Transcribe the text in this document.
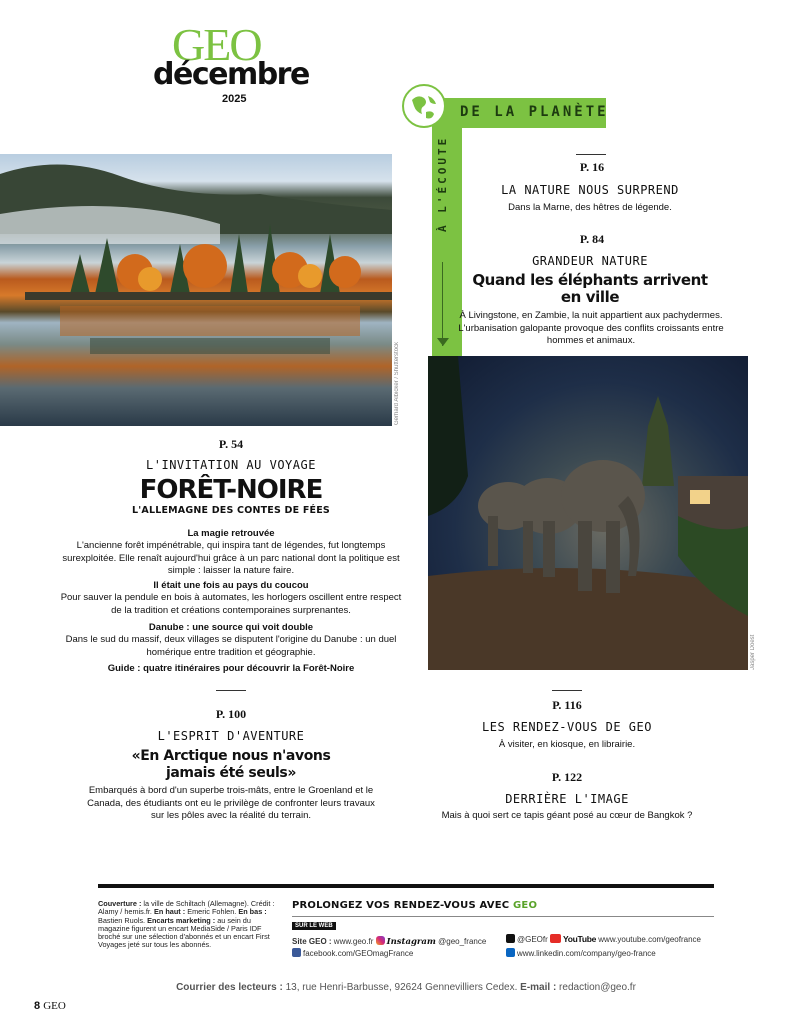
GEO
décembre
2025
DE LA PLANÈTE
À L'ÉCOUTE
Gerhard Albicker / Shutterstock
Jasper Doest
P. 16
LA NATURE NOUS SURPREND
Dans la Marne, des hêtres de légende.
P. 84
GRANDEUR NATURE
Quand les éléphants arrivent en ville
À Livingstone, en Zambie, la nuit appartient aux pachydermes. L'urbanisation galopante provoque des conflits croissants entre hommes et animaux.
P. 54
L'INVITATION AU VOYAGE
FORÊT-NOIRE
L'ALLEMAGNE DES CONTES DE FÉES
La magie retrouvée
L'ancienne forêt impénétrable, qui inspira tant de légendes, fut longtemps surexploitée. Elle renaît aujourd'hui grâce à un parc national dont la politique est simple : laisser la nature faire.
Il était une fois au pays du coucou
Pour sauver la pendule en bois à automates, les horlogers oscillent entre respect de la tradition et créations contemporaines surprenantes.
Danube : une source qui voit double
Dans le sud du massif, deux villages se disputent l'origine du Danube : un duel homérique entre tradition et géographie.
Guide : quatre itinéraires pour découvrir la Forêt-Noire
P. 100
L'ESPRIT D'AVENTURE
«En Arctique nous n'avons jamais été seuls»
Embarqués à bord d'un superbe trois-mâts, entre le Groenland et le Canada, des étudiants ont eu le privilège de confronter leurs travaux sur les pôles avec la réalité du terrain.
P. 116
LES RENDEZ-VOUS DE GEO
À visiter, en kiosque, en librairie.
P. 122
DERRIÈRE L'IMAGE
Mais à quoi sert ce tapis géant posé au cœur de Bangkok ?
Couverture : la ville de Schiltach (Allemagne). Crédit : Alamy / hemis.fr. En haut : Emeric Fohlen. En bas : Bastien Ruols. Encarts marketing : au sein du magazine figurent un encart MediaSide / Paris IDF broché sur une sélection d'abonnés et un encart First Voyages jeté sur tous les abonnés.
PROLONGEZ VOS RENDEZ-VOUS AVEC GEO
SUR LE WEB
Site GEO : www.geo.fr Instagram @geo_france
facebook.com/GEOmagFrance
@GEOfr YouTube www.youtube.com/geofrance
www.linkedin.com/company/geo-france
Courrier des lecteurs : 13, rue Henri-Barbusse, 92624 Gennevilliers Cedex. E-mail : redaction@geo.fr
8 GEO
